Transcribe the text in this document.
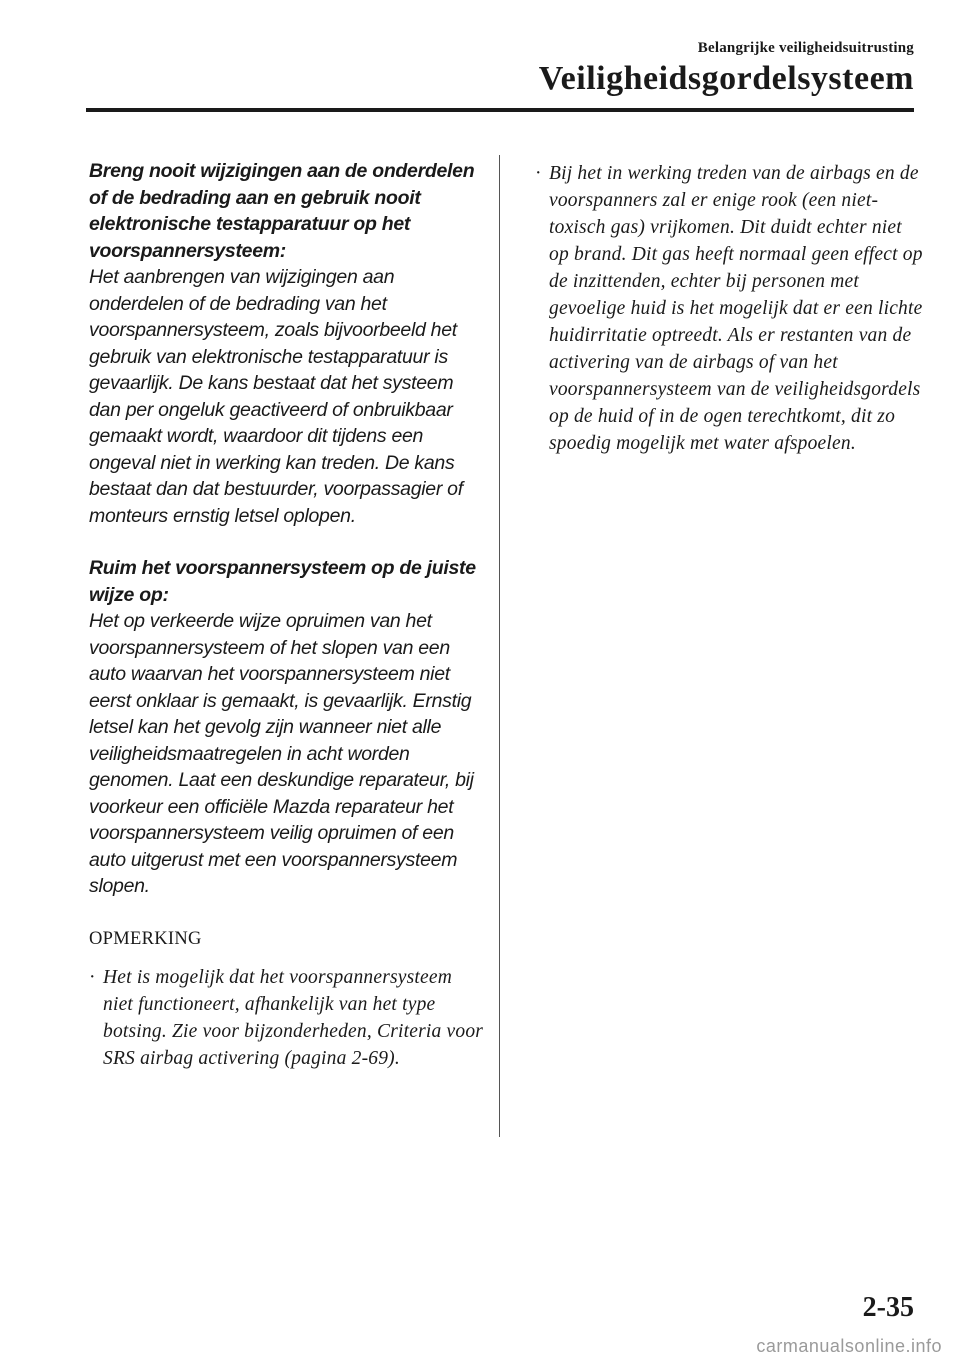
Belangrijke veiligheidsuitrusting
Veiligheidsgordelsysteem
Breng nooit wijzigingen aan de onderdelen of de bedrading aan en gebruik nooit elektronische testapparatuur op het voorspannersysteem:
Het aanbrengen van wijzigingen aan onderdelen of de bedrading van het voorspannersysteem, zoals bijvoorbeeld het gebruik van elektronische testapparatuur is gevaarlijk. De kans bestaat dat het systeem dan per ongeluk geactiveerd of onbruikbaar gemaakt wordt, waardoor dit tijdens een ongeval niet in werking kan treden. De kans bestaat dan dat bestuurder, voorpassagier of monteurs ernstig letsel oplopen.
Ruim het voorspannersysteem op de juiste wijze op:
Het op verkeerde wijze opruimen van het voorspannersysteem of het slopen van een auto waarvan het voorspannersysteem niet eerst onklaar is gemaakt, is gevaarlijk. Ernstig letsel kan het gevolg zijn wanneer niet alle veiligheidsmaatregelen in acht worden genomen. Laat een deskundige reparateur, bij voorkeur een officiële Mazda reparateur het voorspannersysteem veilig opruimen of een auto uitgerust met een voorspannersysteem slopen.
OPMERKING
· Het is mogelijk dat het voorspannersysteem niet functioneert, afhankelijk van het type botsing. Zie voor bijzonderheden, Criteria voor SRS airbag activering (pagina 2-69).
· Bij het in werking treden van de airbags en de voorspanners zal er enige rook (een niet-toxisch gas) vrijkomen. Dit duidt echter niet op brand. Dit gas heeft normaal geen effect op de inzittenden, echter bij personen met gevoelige huid is het mogelijk dat er een lichte huidirritatie optreedt. Als er restanten van de activering van de airbags of van het voorspannersysteem van de veiligheidsgordels op de huid of in de ogen terechtkomt, dit zo spoedig mogelijk met water afspoelen.
2-35
carmanualsonline.info
